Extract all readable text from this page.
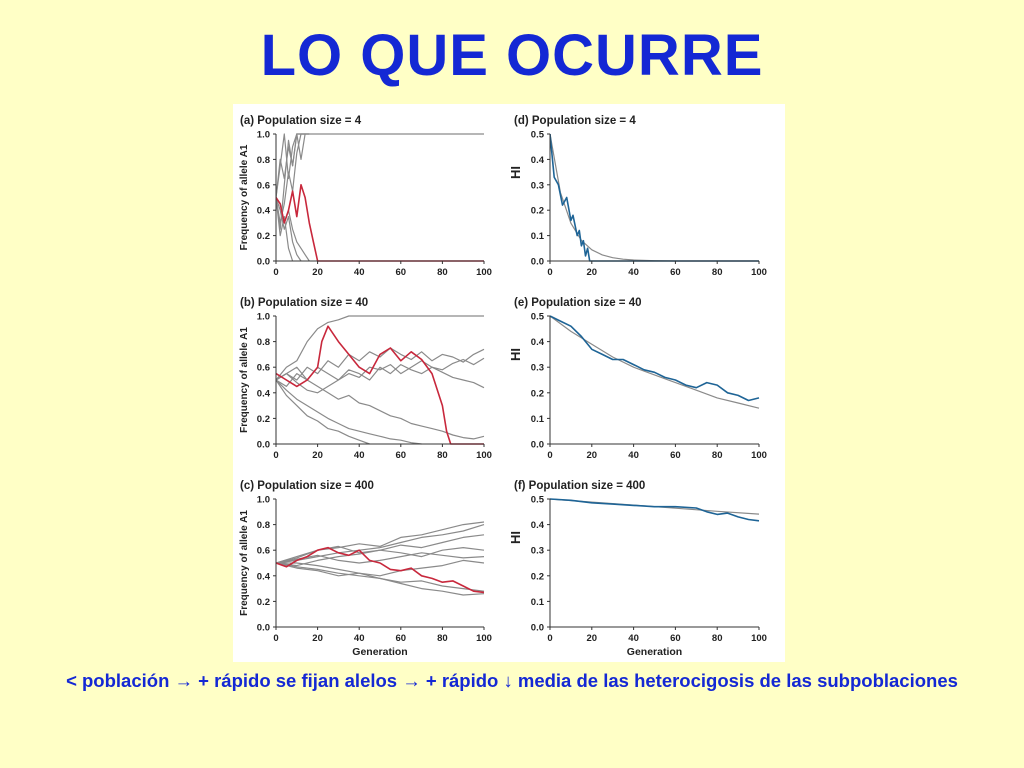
LO QUE OCURRE
(a) Population size = 4
0.0
0.2
0.4
0.6
0.8
1.0
0	20	40	60	80	100
Frequency of allele A1
(d) Population size = 4
0.0
0.1
0.2
0.3
0.4
0.5
0	20	40	60	80	100
HI
(b) Population size = 40
0.0
0.2
0.4
0.6
0.8
1.0
0	20	40	60	80	100
Frequency of allele A1
(e) Population size = 40
0.0
0.1
0.2
0.3
0.4
0.5
0	20	40	60	80	100
HI
(c) Population size = 400
0.0
0.2
0.4
0.6
0.8
1.0
0	20	40	60	80	100
Frequency of allele A1
Generation
(f) Population size = 400
0.0
0.1
0.2
0.3
0.4
0.5
0	20	40	60	80	100
HI
Generation
< población → + rápido se fijan alelos → + rápido ↓ media de las heterocigosis de las subpoblaciones
